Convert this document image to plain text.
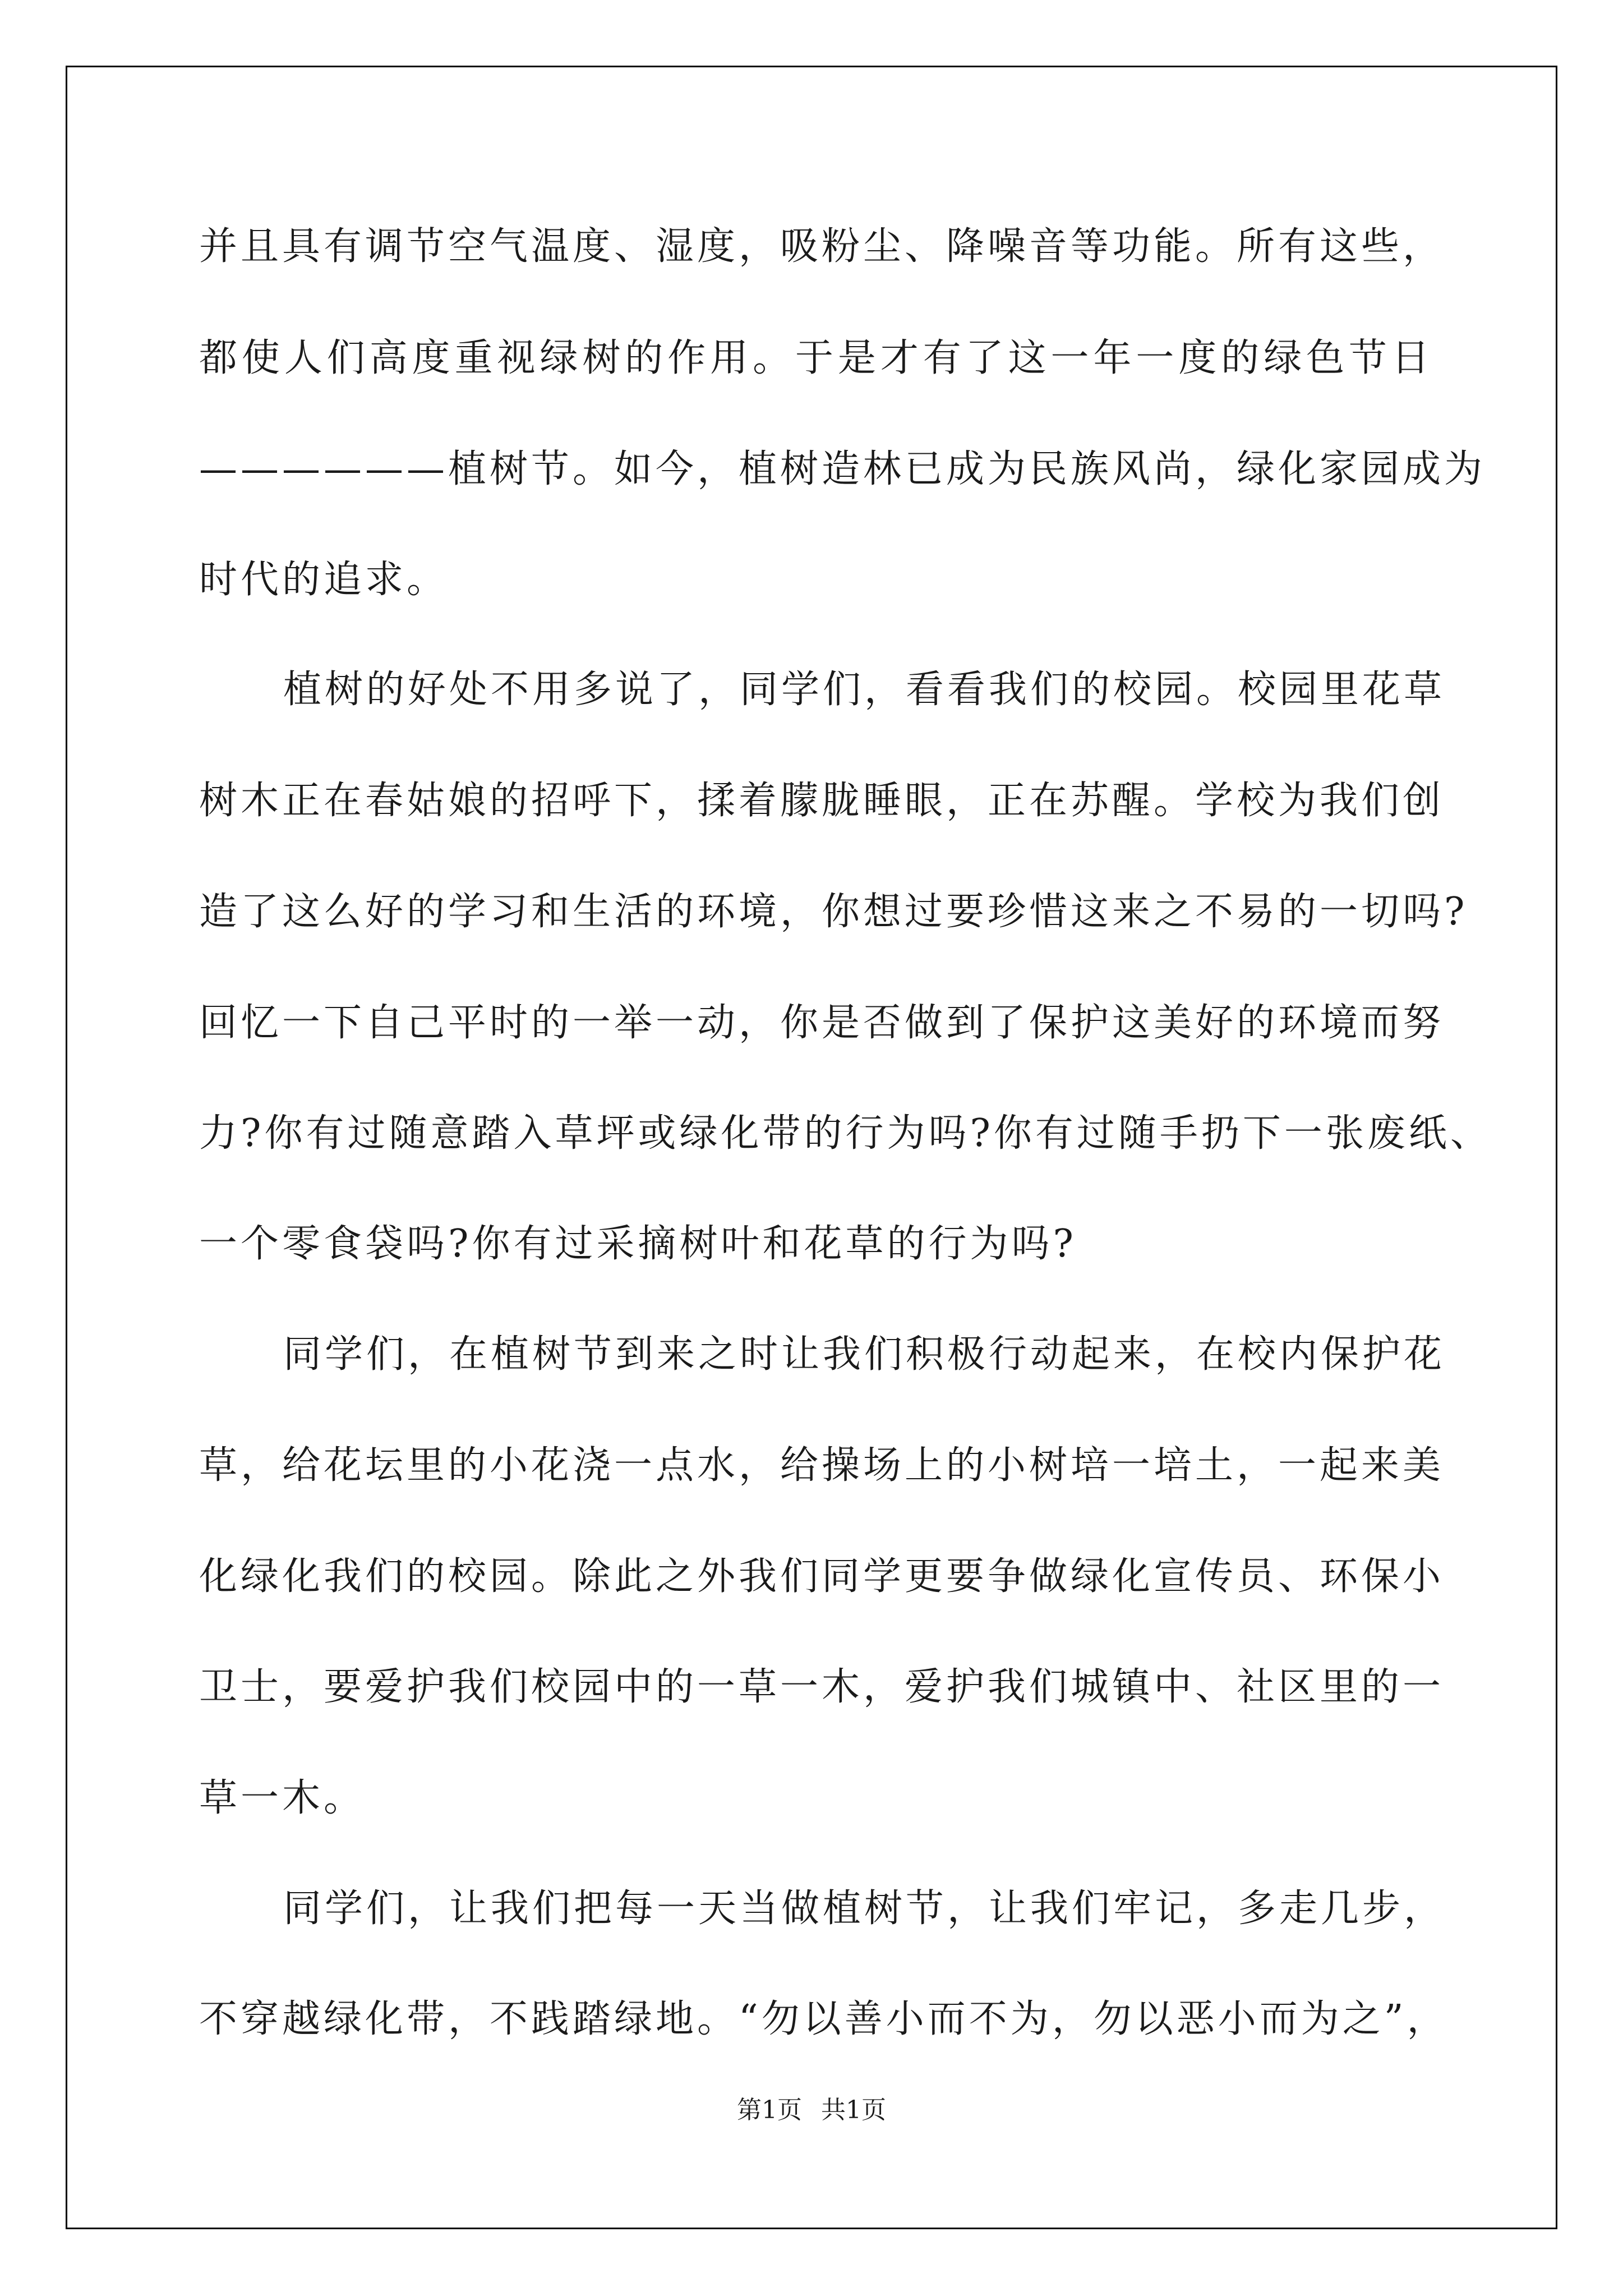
并且具有调节空气温度、湿度，吸粉尘、降噪音等功能。所有这些，
都使人们高度重视绿树的作用。于是才有了这一年一度的绿色节日
——————植树节。如今，植树造林已成为民族风尚，绿化家园成为
时代的追求。
植树的好处不用多说了，同学们，看看我们的校园。校园里花草
树木正在春姑娘的招呼下，揉着朦胧睡眼，正在苏醒。学校为我们创
造了这么好的学习和生活的环境，你想过要珍惜这来之不易的一切吗?
回忆一下自己平时的一举一动，你是否做到了保护这美好的环境而努
力?你有过随意踏入草坪或绿化带的行为吗?你有过随手扔下一张废纸、
一个零食袋吗?你有过采摘树叶和花草的行为吗?
同学们，在植树节到来之时让我们积极行动起来，在校内保护花
草，给花坛里的小花浇一点水，给操场上的小树培一培土，一起来美
化绿化我们的校园。除此之外我们同学更要争做绿化宣传员、环保小
卫士，要爱护我们校园中的一草一木，爱护我们城镇中、社区里的一
草一木。
同学们，让我们把每一天当做植树节，让我们牢记，多走几步，
不穿越绿化带，不践踏绿地。“勿以善小而不为，勿以恶小而为之”，
第1页 共1页
